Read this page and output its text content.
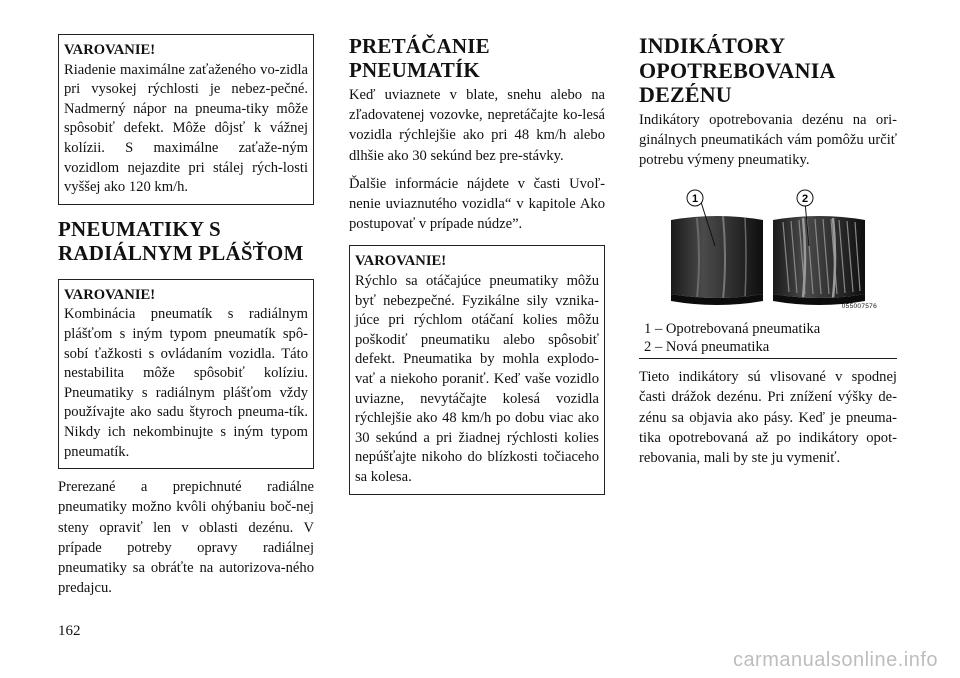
VAROVANIE!
Riadenie maximálne zaťaženého vo-zidla pri vysokej rýchlosti je nebez-pečné. Nadmerný nápor na pneuma-tiky môže spôsobiť defekt. Môže dôjsť k vážnej kolízii. S maximálne zaťaže-ným vozidlom nejazdite pri stálej rých-losti vyššej ako 120 km/h.
PNEUMATIKY S
RADIÁLNYM PLÁŠŤOM
VAROVANIE!
Kombinácia pneumatík s radiálnym plášťom s iným typom pneumatík spô-sobí ťažkosti s ovládaním vozidla. Táto nestabilita môže spôsobiť kolíziu. Pneumatiky s radiálnym plášťom vždy používajte ako sadu štyroch pneuma-tík. Nikdy ich nekombinujte s iným typom pneumatík.

Prerezané a prepichnuté radiálne pneumatiky možno kvôli ohýbaniu boč-nej steny opraviť len v oblasti dezénu. V prípade potreby opravy radiálnej pneumatiky sa obráťte na autorizova-ného predajcu.

PRETÁČANIE
PNEUMATÍK

Keď uviaznete v blate, snehu alebo na zľadovatenej vozovke, nepretáčajte ko-lesá vozidla rýchlejšie ako pri 48 km/h alebo dlhšie ako 30 sekúnd bez pre-stávky.

Ďalšie informácie nájdete v časti Uvoľ-nenie uviaznutého vozidla“ v kapitole Ako postupovať v prípade núdze”.

VAROVANIE!
Rýchlo sa otáčajúce pneumatiky môžu byť nebezpečné. Fyzikálne sily vznika-júce pri rýchlom otáčaní kolies môžu poškodiť pneumatiku alebo spôsobiť defekt. Pneumatika by mohla explodo-vať a niekoho poraniť. Keď vaše vozidlo uviazne, nevytáčajte kolesá vozidla rýchlejšie ako 48 km/h po dobu viac ako 30 sekúnd a pri žiadnej rýchlosti kolies nepúšťajte nikoho do blízkosti točiaceho sa kolesa.
INDIKÁTORY
OPOTREBOVANIA
DEZÉNU

Indikátory opotrebovania dezénu na ori-ginálnych pneumatikách vám pomôžu určiť potrebu výmeny pneumatiky.

1	2
055007576
1 – Opotrebovaná pneumatika
2 – Nová pneumatika

Tieto indikátory sú vlisované v spodnej časti drážok dezénu. Pri znížení výšky de-zénu sa objavia ako pásy. Keď je pneuma-tika opotrebovaná až po indikátory opot-rebovania, mali by ste ju vymeniť.

162
carmanualsonline.info
